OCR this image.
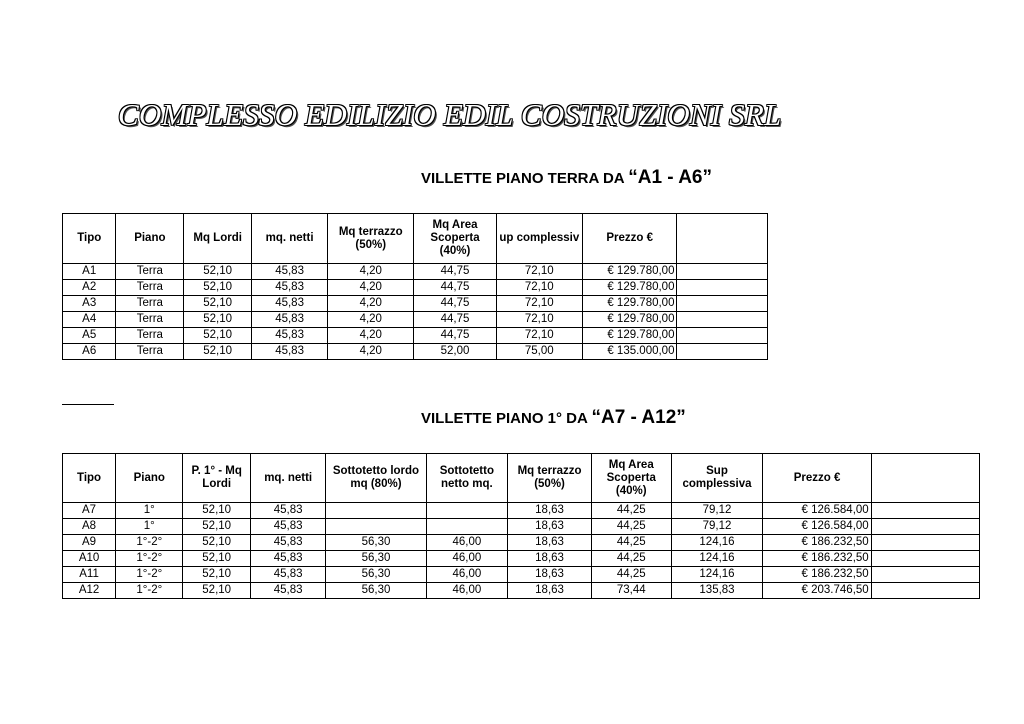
COMPLESSO EDILIZIO EDIL COSTRUZIONI SRL
VILLETTE PIANO TERRA DA “A1 - A6”
Tipo	Piano	Mq Lordi	mq. netti	Mq terrazzo (50%)	Mq Area Scoperta (40%)	up complessiv	Prezzo €	
A1	Terra	52,10	45,83	4,20	44,75	72,10	€ 129.780,00	
A2	Terra	52,10	45,83	4,20	44,75	72,10	€ 129.780,00	
A3	Terra	52,10	45,83	4,20	44,75	72,10	€ 129.780,00	
A4	Terra	52,10	45,83	4,20	44,75	72,10	€ 129.780,00	
A5	Terra	52,10	45,83	4,20	44,75	72,10	€ 129.780,00	
A6	Terra	52,10	45,83	4,20	52,00	75,00	€ 135.000,00	
VILLETTE PIANO 1° DA “A7 - A12”
Tipo	Piano	P. 1° - Mq Lordi	mq. netti	Sottotetto lordo mq (80%)	Sottotetto netto mq.	Mq terrazzo (50%)	Mq Area Scoperta (40%)	Sup complessiva	Prezzo €	
A7	1°	52,10	45,83			18,63	44,25	79,12	€ 126.584,00	
A8	1°	52,10	45,83			18,63	44,25	79,12	€ 126.584,00	
A9	1°-2°	52,10	45,83	56,30	46,00	18,63	44,25	124,16	€ 186.232,50	
A10	1°-2°	52,10	45,83	56,30	46,00	18,63	44,25	124,16	€ 186.232,50	
A11	1°-2°	52,10	45,83	56,30	46,00	18,63	44,25	124,16	€ 186.232,50	
A12	1°-2°	52,10	45,83	56,30	46,00	18,63	73,44	135,83	€ 203.746,50	
